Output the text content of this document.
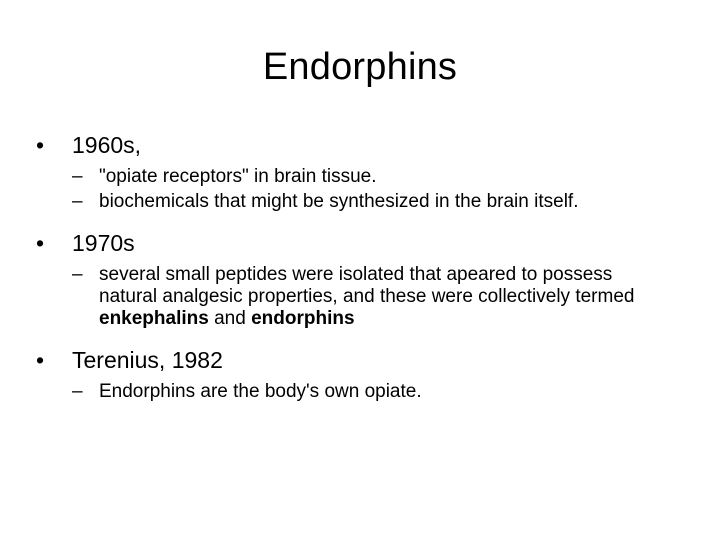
Endorphins
•	1960s,
– "opiate receptors" in brain tissue.
– biochemicals that might be synthesized in the brain itself.
•	1970s
– several small peptides were isolated that apeared to possess natural analgesic properties, and these were collectively termed enkephalins and endorphins
•	Terenius, 1982
– Endorphins are the body's own opiate.
